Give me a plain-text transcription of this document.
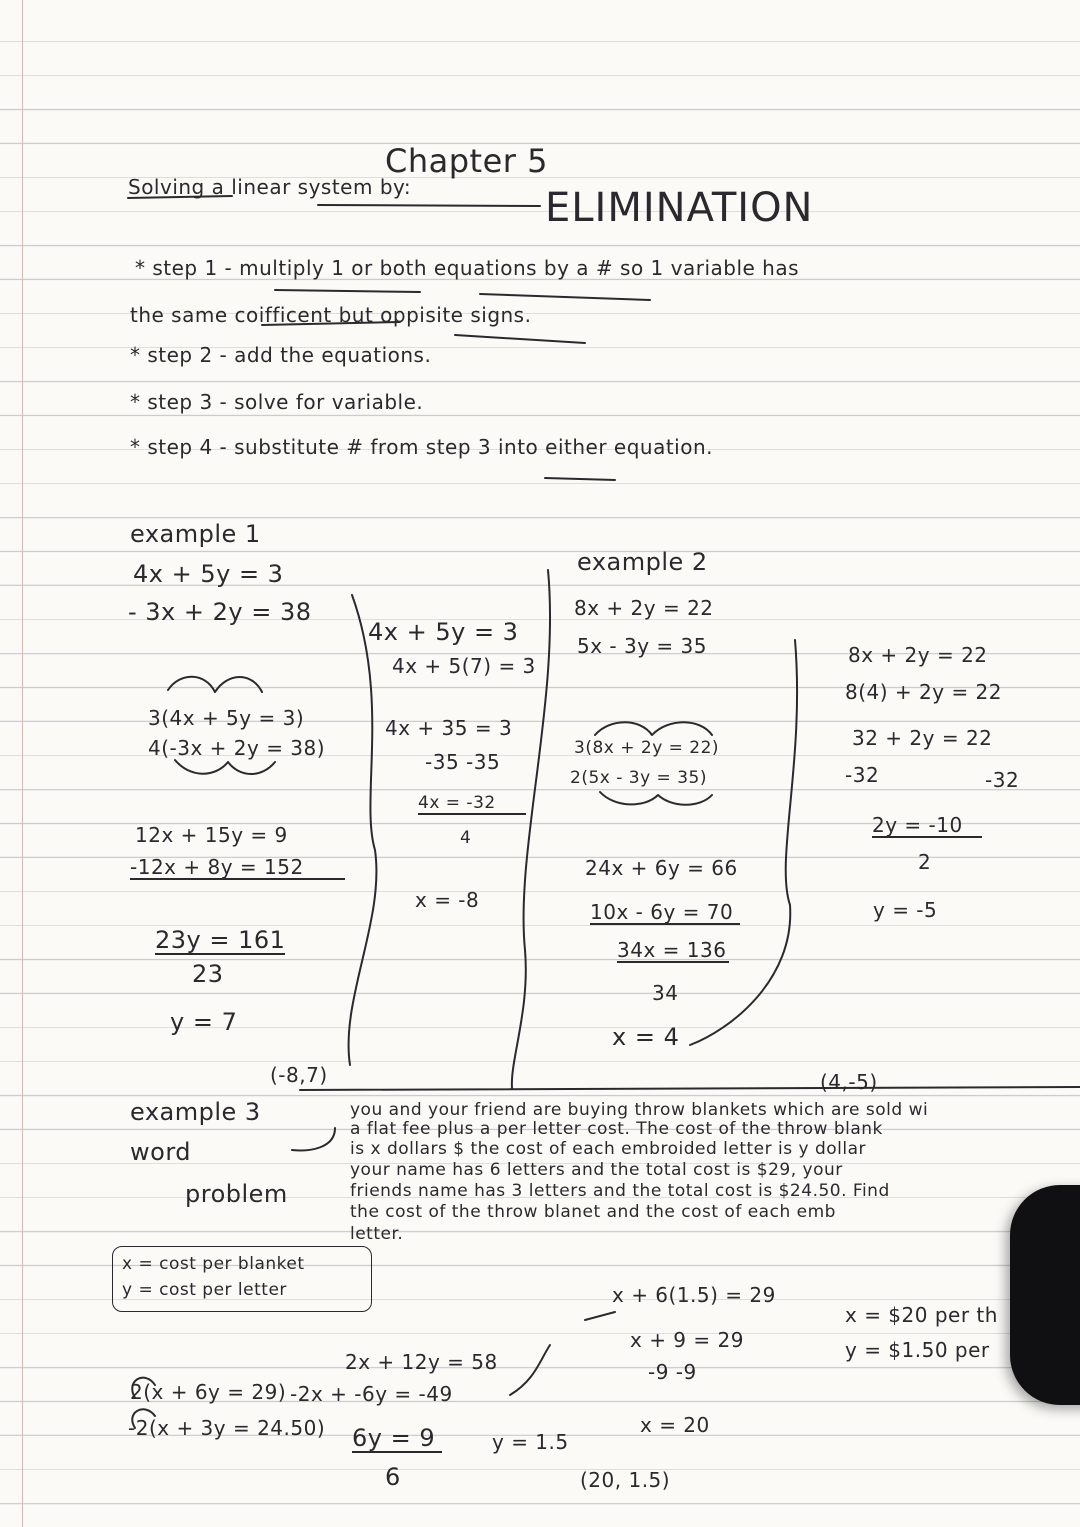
Chapter 5
Solving a linear system by:	ELIMINATION
* step 1 - multiply 1 or both equations by a # so 1 variable has
the same coifficent but oppisite signs.
* step 2 - add the equations.
* step 3 - solve for variable.
* step 4 - substitute # from step 3 into either equation.
example 1
4x + 5y = 3
- 3x + 2y = 38
3(4x + 5y = 3)
4(-3x + 2y = 38)
12x + 15y = 9
-12x + 8y = 152
23y = 161
23
y = 7
4x + 5y = 3
4x + 5(7) = 3
4x + 35 = 3
-35 -35
4x = -32
4
x = -8
(-8,7)
example 2
8x + 2y = 22
5x - 3y = 35
3(8x + 2y = 22)
2(5x - 3y = 35)
24x + 6y = 66
10x - 6y = 70
34x = 136
34
x = 4
8x + 2y = 22
8(4) + 2y = 22
32 + 2y = 22
-32	-32
2y = -10
2
y = -5
(4,-5)
example 3
word
problem
you and your friend are buying throw blankets which are sold wi
a flat fee plus a per letter cost. The cost of the throw blank
is x dollars $ the cost of each embroided letter is y dollar
your name has 6 letters and the total cost is $29, your
friends name has 3 letters and the total cost is $24.50. Find
the cost of the throw blanet and the cost of each emb
letter.
x = cost per blanket
y = cost per letter
2(x + 6y = 29)
-2(x + 3y = 24.50)
2x + 12y = 58
-2x + -6y = -49
6y = 9
6
y = 1.5
x + 6(1.5) = 29
x + 9 = 29
-9 -9
x = 20
(20, 1.5)
x = $20 per th
y = $1.50 per
